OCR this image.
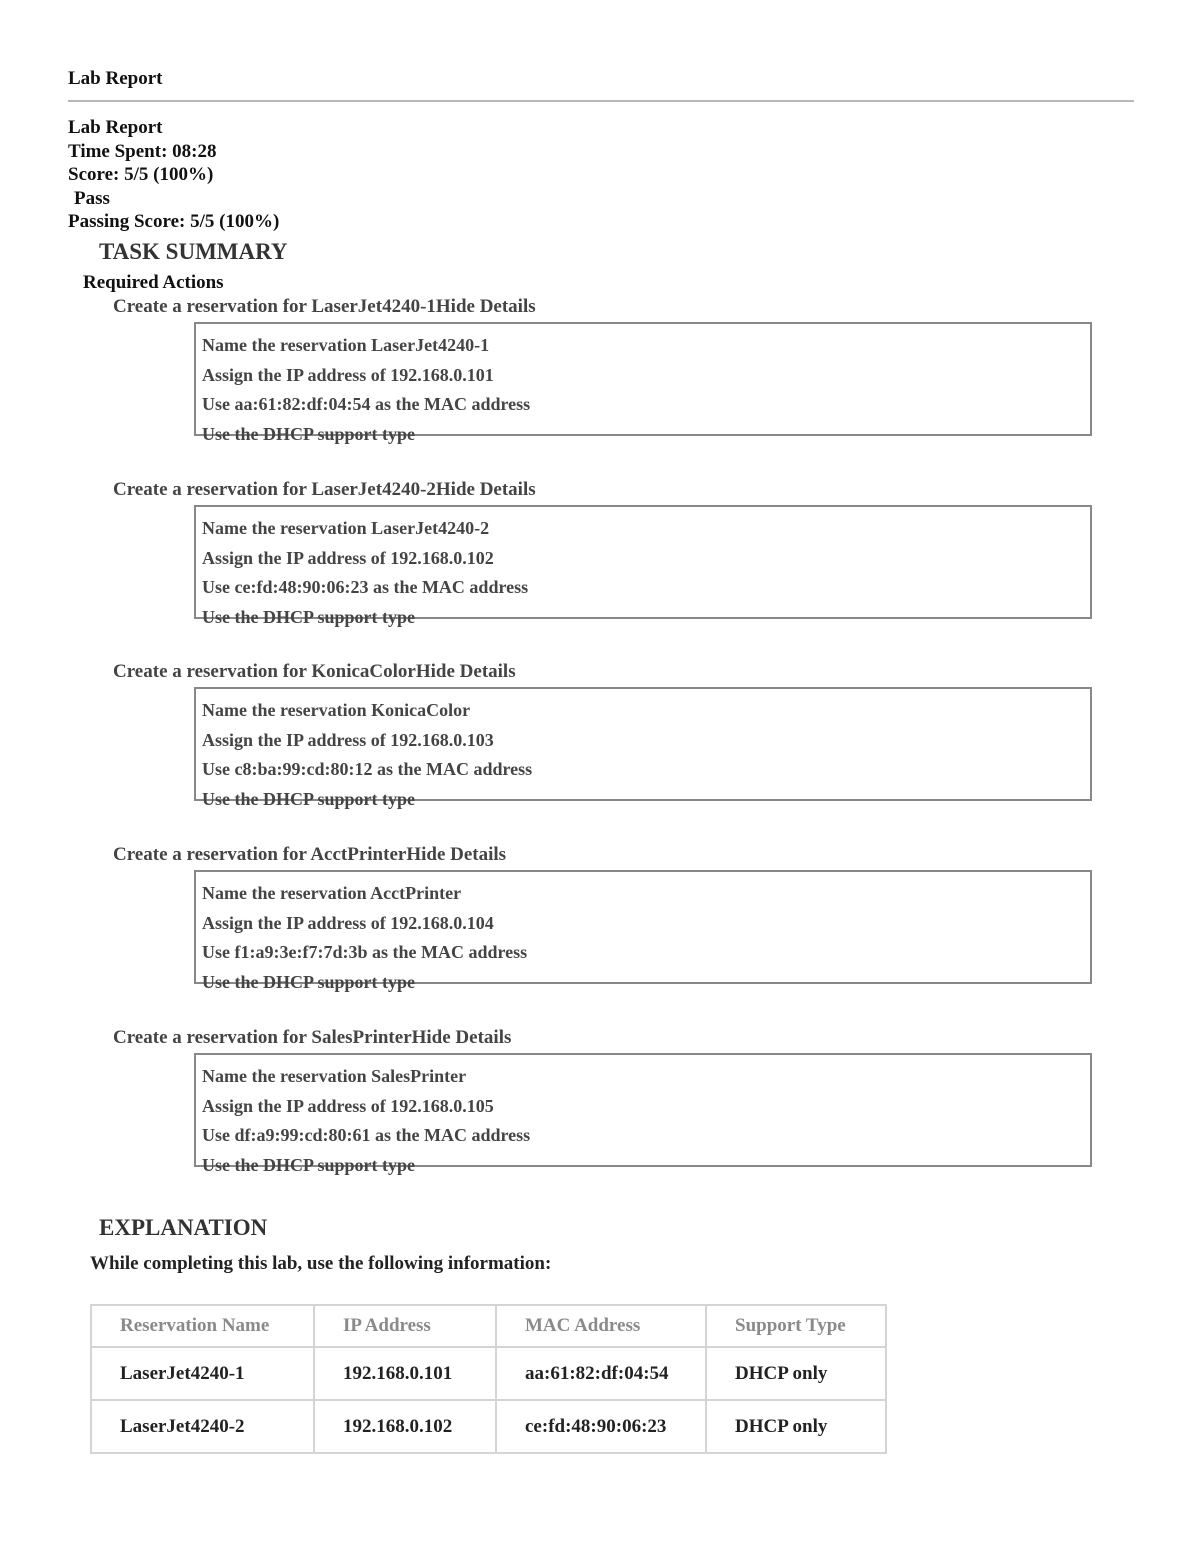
Lab Report
Lab Report
Time Spent: 08:28
Score: 5/5 (100%)
Pass
Passing Score: 5/5 (100%)
TASK SUMMARY
Required Actions
Create a reservation for LaserJet4240-1Hide Details
Name the reservation LaserJet4240-1
Assign the IP address of 192.168.0.101
Use aa:61:82:df:04:54 as the MAC address
Use the DHCP support type
Create a reservation for LaserJet4240-2Hide Details
Name the reservation LaserJet4240-2
Assign the IP address of 192.168.0.102
Use ce:fd:48:90:06:23 as the MAC address
Use the DHCP support type
Create a reservation for KonicaColorHide Details
Name the reservation KonicaColor
Assign the IP address of 192.168.0.103
Use c8:ba:99:cd:80:12 as the MAC address
Use the DHCP support type
Create a reservation for AcctPrinterHide Details
Name the reservation AcctPrinter
Assign the IP address of 192.168.0.104
Use f1:a9:3e:f7:7d:3b as the MAC address
Use the DHCP support type
Create a reservation for SalesPrinterHide Details
Name the reservation SalesPrinter
Assign the IP address of 192.168.0.105
Use df:a9:99:cd:80:61 as the MAC address
Use the DHCP support type
EXPLANATION
While completing this lab, use the following information:
Reservation Name	IP Address	MAC Address	Support Type
LaserJet4240-1	192.168.0.101	aa:61:82:df:04:54	DHCP only
LaserJet4240-2	192.168.0.102	ce:fd:48:90:06:23	DHCP only
